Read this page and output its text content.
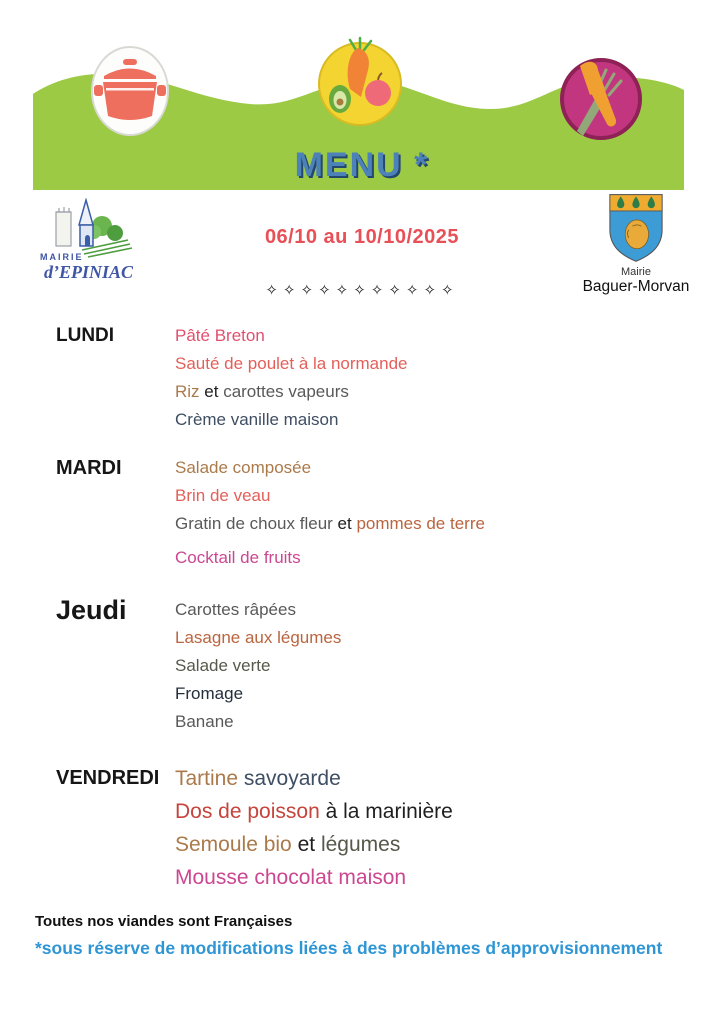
MENU *
MAIRIE
d’EPINIAC
06/10 au 10/10/2025
✧✧✧✧✧✧✧✧✧✧✧
Mairie
Baguer-Morvan
LUNDI	Pâté Breton
Sauté de poulet à la normande
Riz et carottes vapeurs
Crème vanille maison
MARDI	Salade composée
Brin de veau
Gratin de choux fleur et pommes de terre
Cocktail de fruits
Jeudi	Carottes râpées
Lasagne aux légumes
Salade verte
Fromage
Banane
VENDREDI Tartine savoyarde
Dos de poisson à la marinière
Semoule bio et légumes
Mousse chocolat maison
Toutes nos viandes sont Françaises
*sous réserve de modifications liées à des problèmes d’approvisionnement
